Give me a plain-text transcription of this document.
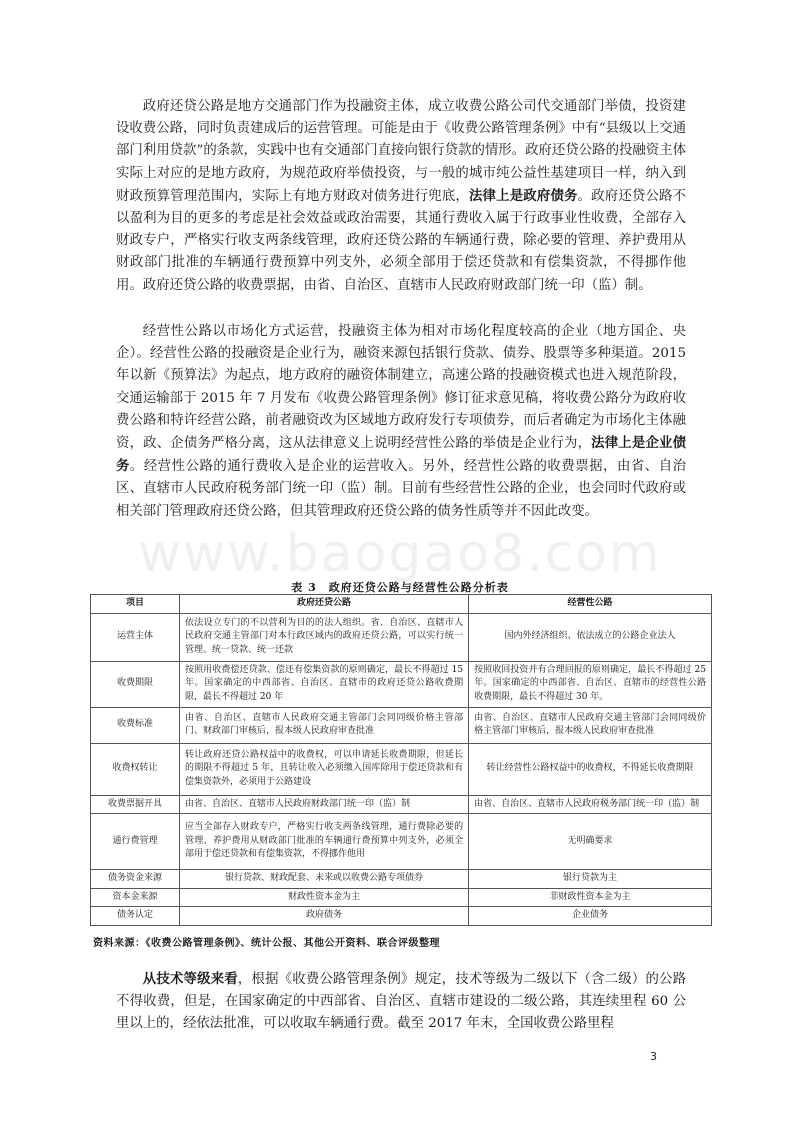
政府还贷公路是地方交通部门作为投融资主体，成立收费公路公司代交通部门举债，投资建设收费公路，同时负责建成后的运营管理。可能是由于《收费公路管理条例》中有“县级以上交通部门利用贷款”的条款，实践中也有交通部门直接向银行贷款的情形。政府还贷公路的投融资主体实际上对应的是地方政府，为规范政府举债投资，与一般的城市纯公益性基建项目一样，纳入到财政预算管理范围内，实际上有地方财政对债务进行兜底，法律上是政府债务。政府还贷公路不以盈利为目的更多的考虑是社会效益或政治需要，其通行费收入属于行政事业性收费，全部存入财政专户，严格实行收支两条线管理，政府还贷公路的车辆通行费，除必要的管理、养护费用从财政部门批准的车辆通行费预算中列支外，必须全部用于偿还贷款和有偿集资款，不得挪作他用。政府还贷公路的收费票据，由省、自治区、直辖市人民政府财政部门统一印（监）制。

经营性公路以市场化方式运营，投融资主体为相对市场化程度较高的企业（地方国企、央企）。经营性公路的投融资是企业行为，融资来源包括银行贷款、债券、股票等多种渠道。2015 年以新《预算法》为起点，地方政府的融资体制建立，高速公路的投融资模式也进入规范阶段，交通运输部于 2015 年 7 月发布《收费公路管理条例》修订征求意见稿，将收费公路分为政府收费公路和特许经营公路，前者融资改为区域地方政府发行专项债券，而后者确定为市场化主体融资，政、企债务严格分离，这从法律意义上说明经营性公路的举债是企业行为，法律上是企业债务。经营性公路的通行费收入是企业的运营收入。另外，经营性公路的收费票据，由省、自治区、直辖市人民政府税务部门统一印（监）制。目前有些经营性公路的企业，也会同时代政府或相关部门管理政府还贷公路，但其管理政府还贷公路的债务性质等并不因此改变。

www.baogao8.com
表 3　政府还贷公路与经营性公路分析表
项目	政府还贷公路	经营性公路
运营主体	依法设立专门的不以营利为目的的法人组织。省、自治区、直辖市人民政府交通主管部门对本行政区域内的政府还贷公路，可以实行统一管理、统一贷款、统一还款	国内外经济组织、依法成立的公路企业法人
收费期限	按照用收费偿还贷款、偿还有偿集资款的原则确定，最长不得超过 15 年。国家确定的中西部省、自治区、直辖市的政府还贷公路收费期限，最长不得超过 20 年	按照收回投资并有合理回报的原则确定，最长不得超过 25 年。国家确定的中西部省、自治区、直辖市的经营性公路收费期限，最长不得超过 30 年。
收费标准	由省、自治区、直辖市人民政府交通主管部门会同同级价格主管部门、财政部门审核后，报本级人民政府审查批准	由省、自治区、直辖市人民政府交通主管部门会同同级价格主管部门审核后，报本级人民政府审查批准
收费权转让	转让政府还贷公路权益中的收费权，可以申请延长收费期限，但延长的期限不得超过 5 年，且转让收入必须缴入国库除用于偿还贷款和有偿集资款外，必须用于公路建设	转让经营性公路权益中的收费权，不得延长收费期限
收费票据开具	由省、自治区、直辖市人民政府财政部门统一印（监）制	由省、自治区、直辖市人民政府税务部门统一印（监）制
通行费管理	应当全部存入财政专户，严格实行收支两条线管理，通行费除必要的管理、养护费用从财政部门批准的车辆通行费预算中列支外，必须全部用于偿还贷款和有偿集资款，不得挪作他用	无明确要求
债务资金来源	银行贷款、财政配套、未来或以收费公路专项债券	银行贷款为主
资本金来源	财政性资本金为主	非财政性资本金为主
债务认定	政府债务	企业债务
资料来源：《收费公路管理条例》、统计公报、其他公开资料、联合评级整理

从技术等级来看，根据《收费公路管理条例》规定，技术等级为二级以下（含二级）的公路不得收费，但是，在国家确定的中西部省、自治区、直辖市建设的二级公路，其连续里程 60 公里以上的，经依法批准，可以收取车辆通行费。截至 2017 年末，全国收费公路里程

3
